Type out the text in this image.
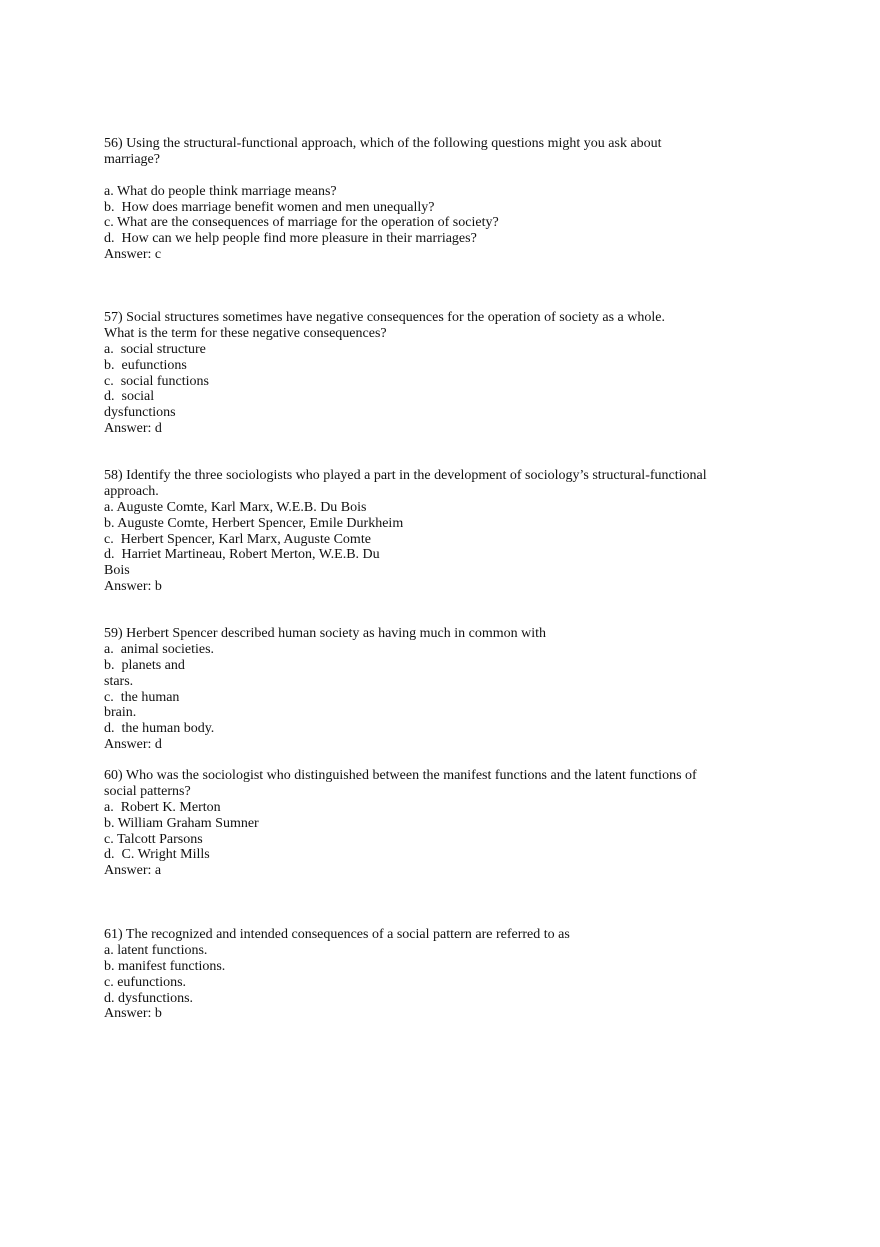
56) Using the structural-functional approach, which of the following questions might you ask about
marriage?
a. What do people think marriage means?
b.  How does marriage benefit women and men unequally?
c. What are the consequences of marriage for the operation of society?
d.  How can we help people find more pleasure in their marriages?
Answer: c
57) Social structures sometimes have negative consequences for the operation of society as a whole.
What is the term for these negative consequences?
a.  social structure
b.  eufunctions
c.  social functions
d.  social
dysfunctions
Answer: d
58) Identify the three sociologists who played a part in the development of sociology’s structural-functional
approach.
a. Auguste Comte, Karl Marx, W.E.B. Du Bois
b. Auguste Comte, Herbert Spencer, Emile Durkheim
c.  Herbert Spencer, Karl Marx, Auguste Comte
d.  Harriet Martineau, Robert Merton, W.E.B. Du
Bois
Answer: b
59) Herbert Spencer described human society as having much in common with
a.  animal societies.
b.  planets and
stars.
c.  the human
brain.
d.  the human body.
Answer: d
60) Who was the sociologist who distinguished between the manifest functions and the latent functions of
social patterns?
a.  Robert K. Merton
b. William Graham Sumner
c. Talcott Parsons
d.  C. Wright Mills
Answer: a
61) The recognized and intended consequences of a social pattern are referred to as
a. latent functions.
b. manifest functions.
c. eufunctions.
d. dysfunctions.
Answer: b
